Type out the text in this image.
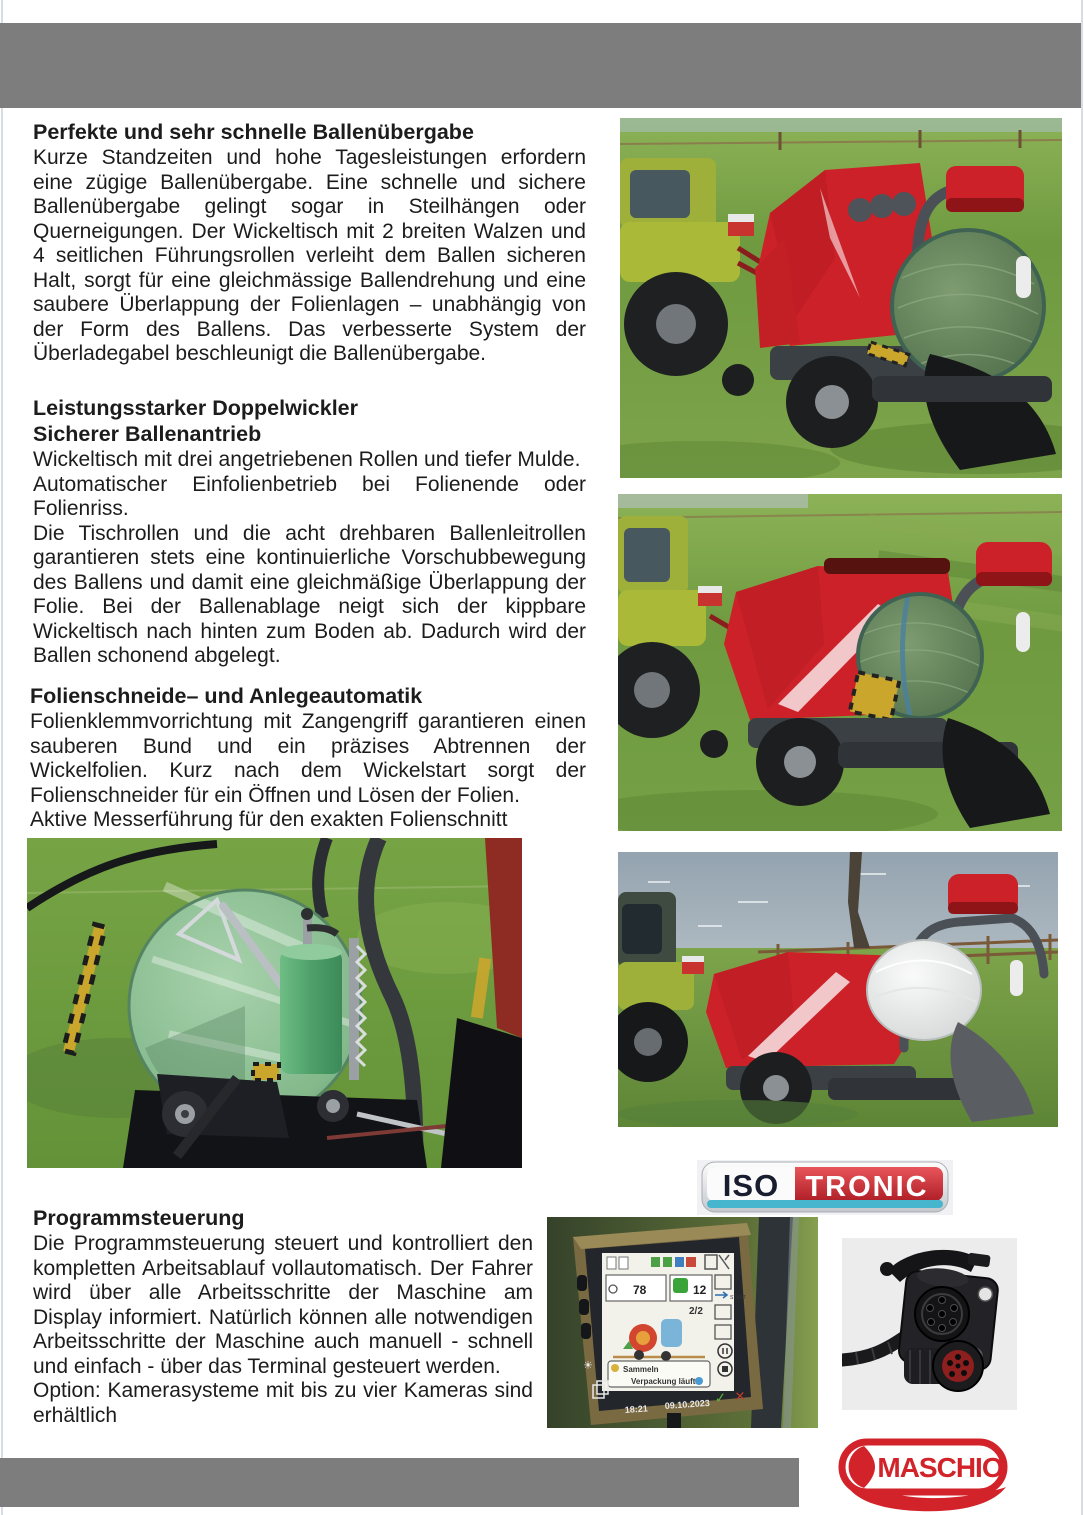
Perfekte und sehr schnelle Ballenübergabe

Kurze Standzeiten und hohe Tagesleistungen erfordern eine zügige Ballenübergabe. Eine schnelle und sichere Ballenübergabe gelingt sogar in Steilhängen oder Querneigungen. Der Wickeltisch mit 2 breiten Walzen und 4 seitlichen Führungsrollen verleiht dem Ballen sicheren Halt, sorgt für eine gleichmässige Ballendrehung und eine saubere Überlappung der Folienlagen – unabhängig von der Form des Ballens. Das verbesserte System der Überladegabel beschleunigt die Ballenübergabe.

Leistungsstarker Doppelwickler
Sicherer Ballenantrieb

Wickeltisch mit drei angetriebenen Rollen und tiefer Mulde.

Automatischer Einfolienbetrieb bei Folienende oder Folienriss.

Die Tischrollen und die acht drehbaren Ballenleitrollen garantieren stets eine kontinuierliche Vorschubbewegung des Ballens und damit eine gleichmäßige Überlappung der Folie. Bei der Ballenablage neigt sich der kippbare Wickeltisch nach hinten zum Boden ab. Dadurch wird der Ballen schonend abgelegt.

Folienschneide– und Anlegeautomatik

Folienklemmvorrichtung mit Zangengriff garantieren einen sauberen Bund und ein präzises Abtrennen der Wickelfolien. Kurz nach dem Wickelstart sorgt der Folienschneider für ein Öffnen und Lösen der Folien.

Aktive Messerführung für den exakten Folienschnitt

Programmsteuerung

Die Programmsteuerung steuert und kontrolliert den kompletten Arbeitsablauf vollautomatisch. Der Fahrer wird über alle Arbeitsschritte der Maschine am Display informiert. Natürlich können alle notwendigen Arbeitsschritte der Maschine auch manuell - schnell und einfach - über das Terminal gesteuert werden.

Option: Kamerasysteme mit bis zu vier Kameras sind erhältlich

ISO TRONIC
78	12
2/2
Sammeln
Verpackung läuft
START
18:21 09.10.2023 ✓ ✕
☀
MASCHIO
